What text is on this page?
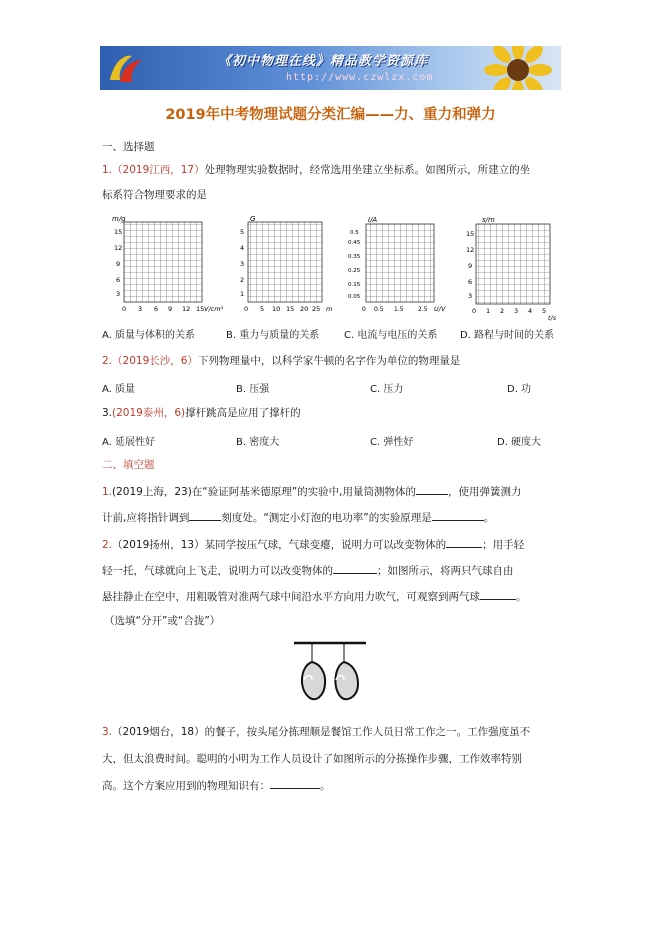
《初中物理在线》精品教学资源库
http://www.czwlzx.com
2019年中考物理试题分类汇编——力、重力和弹力
一、选择题
1.（2019江西，17）处理物理实验数据时，经常选用坐建立坐标系。如图所示，所建立的坐
标系符合物理要求的是
m/g
15
12
9
6
3
0 3 6 9 12 15 V/cm³
G
5
4
3
2
1
0 5 10 15 20 25 m
I/A
0.5
0.45
0.35
0.25
0.15
0.05
0 0.5 1.5 2.5 U/V
s/m
15
12
9
6
3
0 1 2 3 4 5
t/s
A. 质量与体积的关系	B. 重力与质量的关系 C. 电流与电压的关系 D. 路程与时间的关系
2.（2019长沙，6）下列物理量中，以科学家牛顿的名字作为单位的物理量是
A. 质量	B. 压强	C. 压力	D. 功
3.(2019泰州，6)撑杆跳高是应用了撑杆的
A. 延展性好	B. 密度大	C. 弹性好	D. 硬度大
二、填空题
1.(2019上海，23)在“验证阿基米德原理”的实验中,用量筒测物体的	，使用弹簧测力
计前,应将指针调到	刻度处。“测定小灯泡的电功率”的实验原理是	。
2.（2019扬州，13）某同学按压气球，气球变瘪，说明力可以改变物体的	；用手轻
轻一托，气球就向上飞走，说明力可以改变物体的	；如图所示，将两只气球自由
悬挂静止在空中，用粗吸管对准两气球中间沿水平方向用力吹气，可观察到两气球	。
（选填“分开”或“合拢”）
3.（2019烟台，18）的餐子，按头尾分拣理顺是餐馆工作人员日常工作之一。工作强度虽不
大，但太浪费时间。聪明的小明为工作人员设计了如图所示的分拣操作步骤，工作效率特别
高。这个方案应用到的物理知识有：	。
